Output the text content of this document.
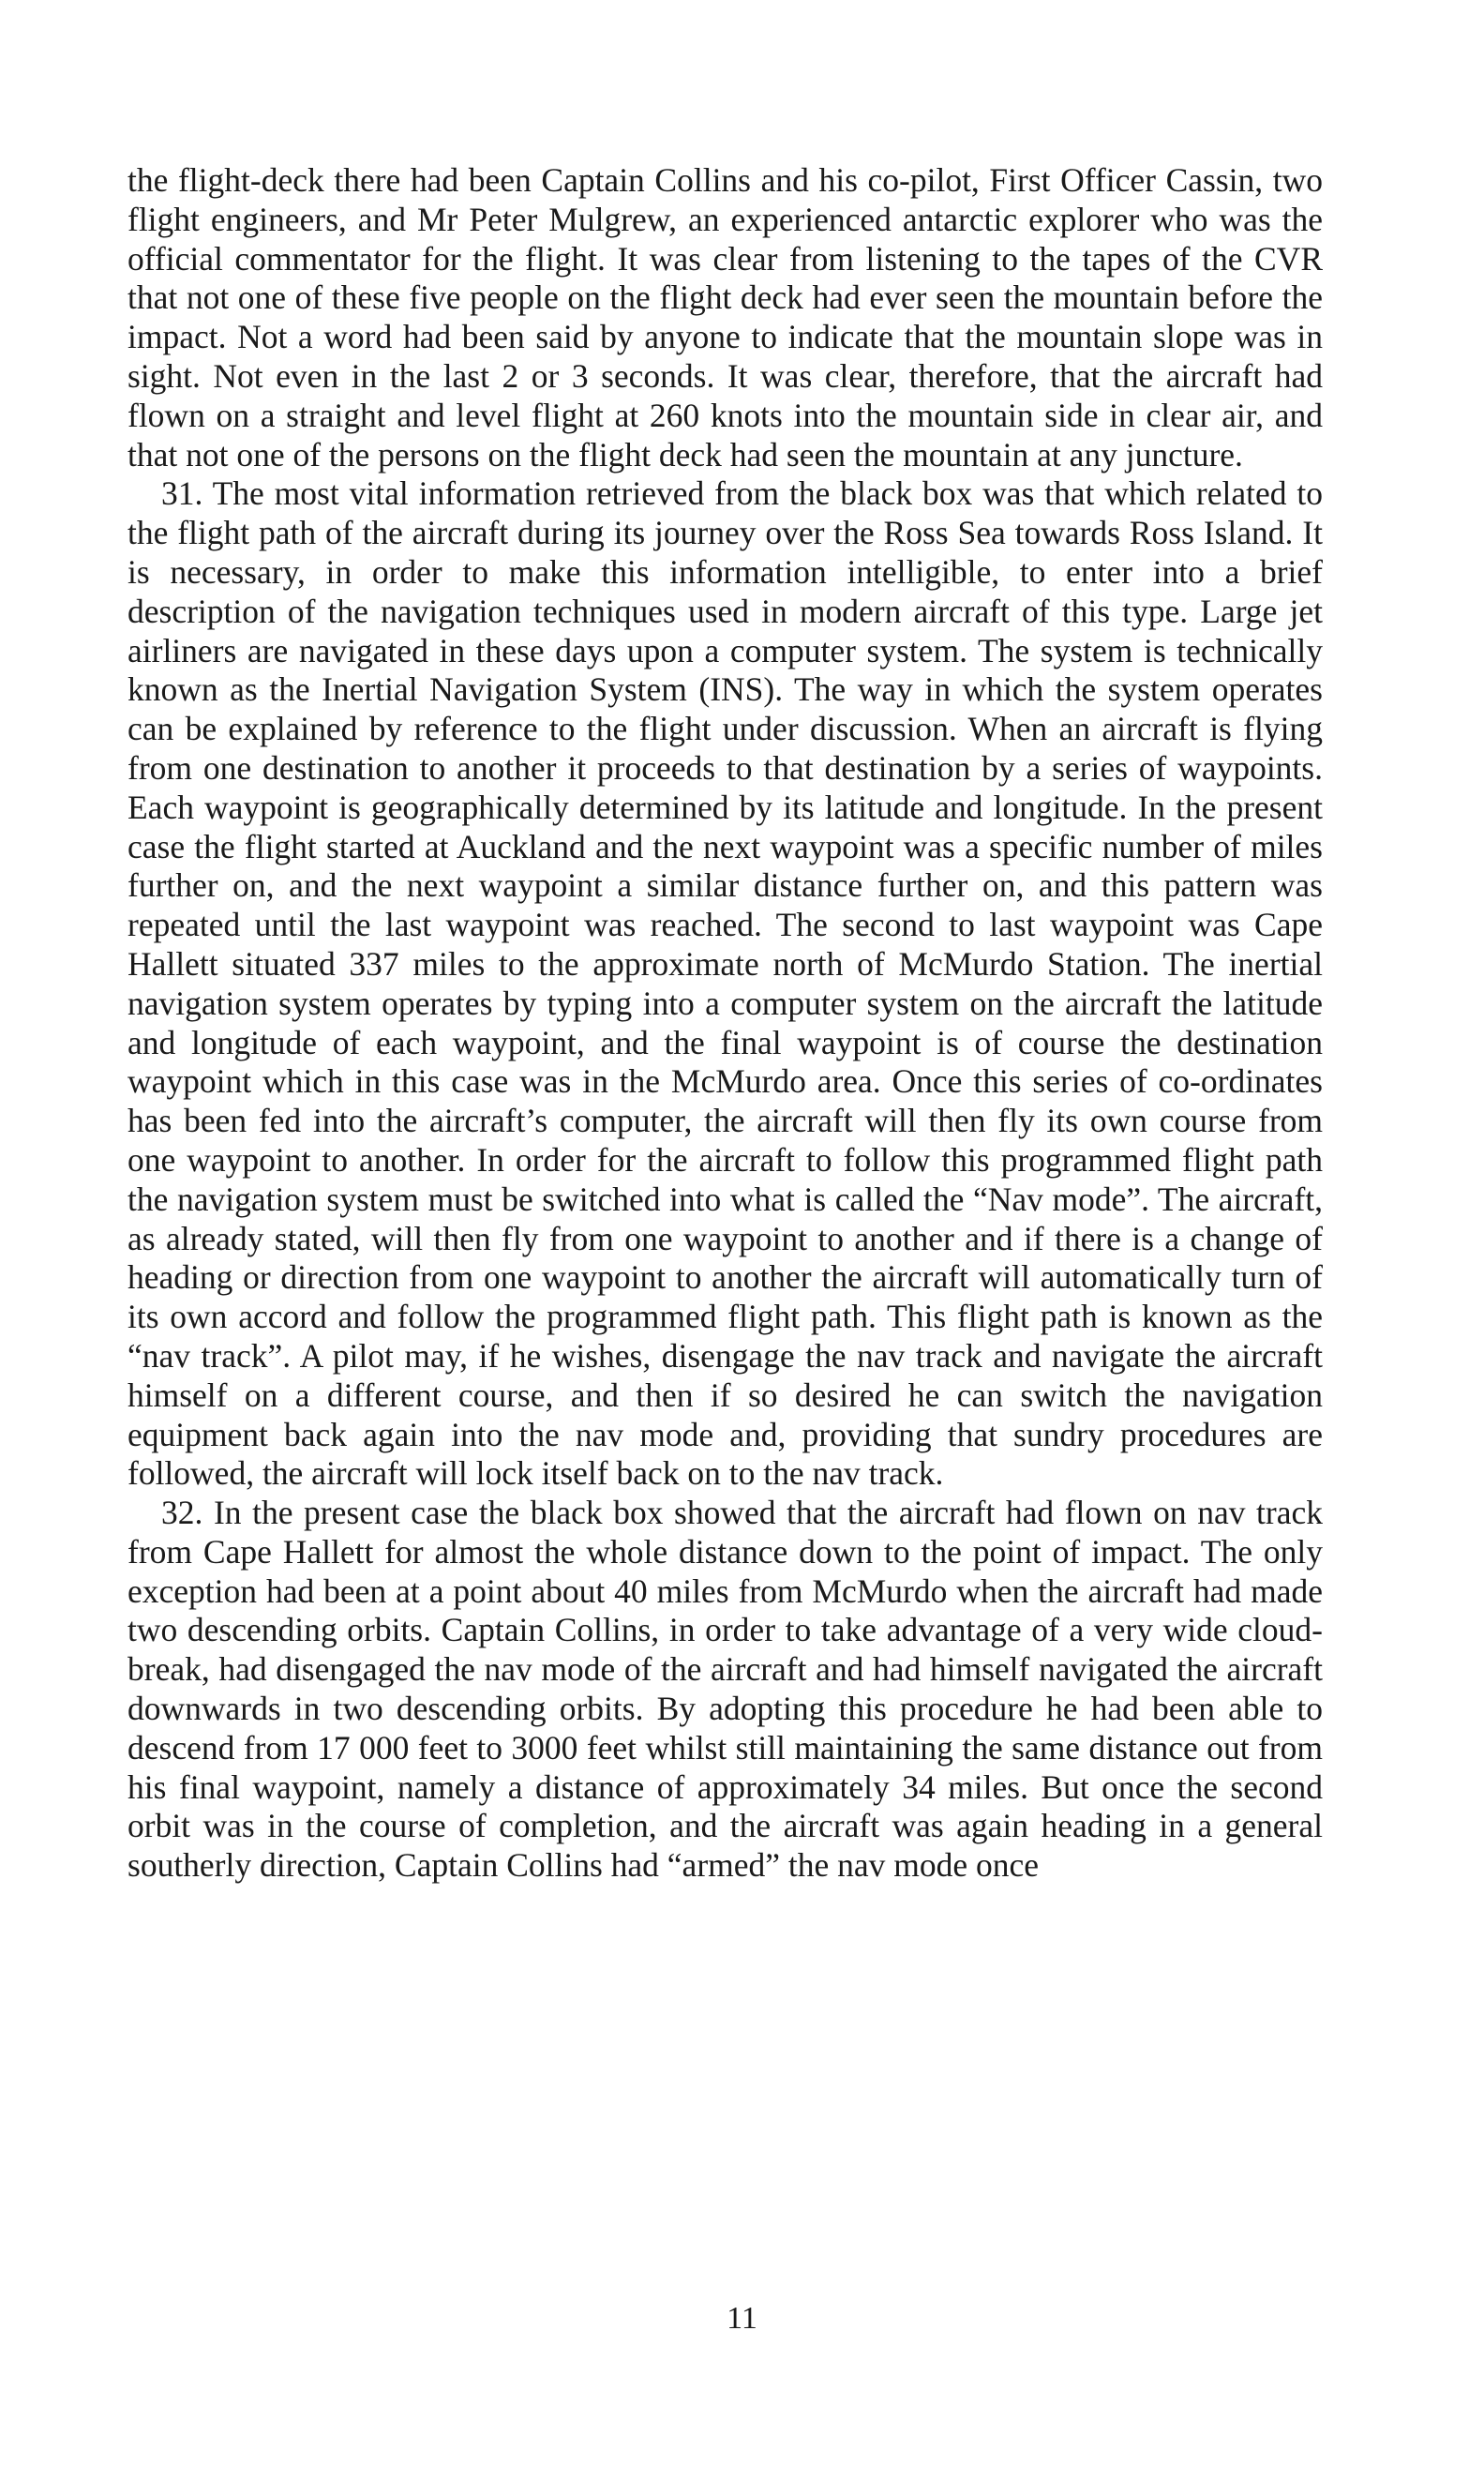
the flight-deck there had been Captain Collins and his co-pilot, First Officer Cassin, two flight engineers, and Mr Peter Mulgrew, an experienced antarctic explorer who was the official commentator for the flight. It was clear from listening to the tapes of the CVR that not one of these five people on the flight deck had ever seen the mountain before the impact. Not a word had been said by anyone to indicate that the mountain slope was in sight. Not even in the last 2 or 3 seconds. It was clear, therefore, that the aircraft had flown on a straight and level flight at 260 knots into the mountain side in clear air, and that not one of the persons on the flight deck had seen the mountain at any juncture.

31. The most vital information retrieved from the black box was that which related to the flight path of the aircraft during its journey over the Ross Sea towards Ross Island. It is necessary, in order to make this information intelligible, to enter into a brief description of the navigation techniques used in modern aircraft of this type. Large jet airliners are navigated in these days upon a computer system. The system is technically known as the Inertial Navigation System (INS). The way in which the system operates can be explained by reference to the flight under discussion. When an aircraft is flying from one destination to another it proceeds to that destination by a series of waypoints. Each waypoint is geographically determined by its latitude and longitude. In the present case the flight started at Auckland and the next waypoint was a specific number of miles further on, and the next waypoint a similar distance further on, and this pattern was repeated until the last waypoint was reached. The second to last waypoint was Cape Hallett situated 337 miles to the approximate north of McMurdo Station. The inertial navigation system operates by typing into a computer system on the aircraft the latitude and longitude of each waypoint, and the final waypoint is of course the destination waypoint which in this case was in the McMurdo area. Once this series of co-ordinates has been fed into the aircraft’s computer, the aircraft will then fly its own course from one waypoint to another. In order for the aircraft to follow this programmed flight path the navigation system must be switched into what is called the “Nav mode”. The aircraft, as already stated, will then fly from one waypoint to another and if there is a change of heading or direction from one waypoint to another the aircraft will automatically turn of its own accord and follow the programmed flight path. This flight path is known as the “nav track”. A pilot may, if he wishes, disengage the nav track and navigate the aircraft himself on a different course, and then if so desired he can switch the navigation equipment back again into the nav mode and, providing that sundry procedures are followed, the aircraft will lock itself back on to the nav track.

32. In the present case the black box showed that the aircraft had flown on nav track from Cape Hallett for almost the whole distance down to the point of impact. The only exception had been at a point about 40 miles from McMurdo when the aircraft had made two descending orbits. Captain Collins, in order to take advantage of a very wide cloud-break, had disengaged the nav mode of the aircraft and had himself navigated the aircraft downwards in two descending orbits. By adopting this procedure he had been able to descend from 17 000 feet to 3000 feet whilst still maintaining the same distance out from his final waypoint, namely a distance of approximately 34 miles. But once the second orbit was in the course of completion, and the aircraft was again heading in a general southerly direction, Captain Collins had “armed” the nav mode once

11
